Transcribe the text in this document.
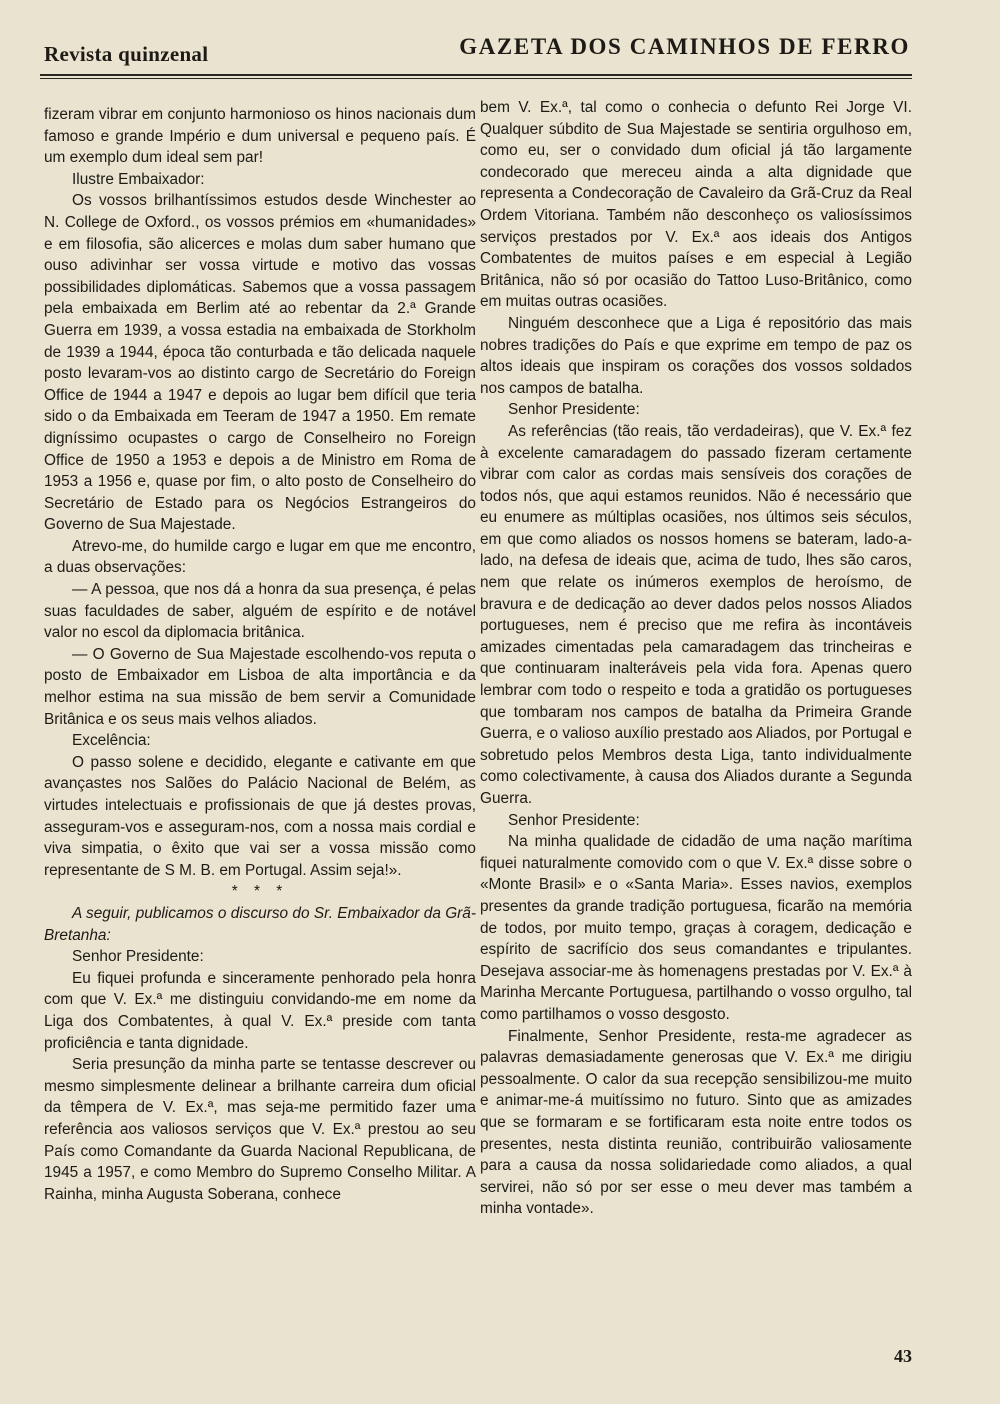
Revista quinzenal	GAZETA DOS CAMINHOS DE FERRO

fizeram vibrar em conjunto harmonioso os hinos nacionais dum famoso e grande Império e dum universal e pequeno país. É um exemplo dum ideal sem par!

Ilustre Embaixador:

Os vossos brilhantíssimos estudos desde Winchester ao N. College de Oxford., os vossos prémios em «humanidades» e em filosofia, são alicerces e molas dum saber humano que ouso adivinhar ser vossa virtude e motivo das vossas possibilidades diplomáticas. Sabemos que a vossa passagem pela embaixada em Berlim até ao rebentar da 2.ª Grande Guerra em 1939, a vossa estadia na embaixada de Storkholm de 1939 a 1944, época tão conturbada e tão delicada naquele posto levaram-vos ao distinto cargo de Secretário do Foreign Office de 1944 a 1947 e depois ao lugar bem difícil que teria sido o da Embaixada em Teeram de 1947 a 1950. Em remate digníssimo ocupastes o cargo de Conselheiro no Foreign Office de 1950 a 1953 e depois a de Ministro em Roma de 1953 a 1956 e, quase por fim, o alto posto de Conselheiro do Secretário de Estado para os Negócios Estrangeiros do Governo de Sua Majestade.

Atrevo-me, do humilde cargo e lugar em que me encontro, a duas observações:

— A pessoa, que nos dá a honra da sua presença, é pelas suas faculdades de saber, alguém de espírito e de notável valor no escol da diplomacia britânica.

— O Governo de Sua Majestade escolhendo-vos reputa o posto de Embaixador em Lisboa de alta importância e da melhor estima na sua missão de bem servir a Comunidade Britânica e os seus mais velhos aliados.

Excelência:

O passo solene e decidido, elegante e cativante em que avançastes nos Salões do Palácio Nacional de Belém, as virtudes intelectuais e profissionais de que já destes provas, asseguram-vos e asseguram-nos, com a nossa mais cordial e viva simpatia, o êxito que vai ser a vossa missão como representante de S M. B. em Portugal. Assim seja!».

* * *

A seguir, publicamos o discurso do Sr. Embaixador da Grã-Bretanha:

Senhor Presidente:

Eu fiquei profunda e sinceramente penhorado pela honra com que V. Ex.ª me distinguiu convidando-me em nome da Liga dos Combatentes, à qual V. Ex.ª preside com tanta proficiência e tanta dignidade.

Seria presunção da minha parte se tentasse descrever ou mesmo simplesmente delinear a brilhante carreira dum oficial da têmpera de V. Ex.ª, mas seja-me permitido fazer uma referência aos valiosos serviços que V. Ex.ª prestou ao seu País como Comandante da Guarda Nacional Republicana, de 1945 a 1957, e como Membro do Supremo Conselho Militar. A Rainha, minha Augusta Soberana, conhece

bem V. Ex.ª, tal como o conhecia o defunto Rei Jorge VI. Qualquer súbdito de Sua Majestade se sentiria orgulhoso em, como eu, ser o convidado dum oficial já tão largamente condecorado que mereceu ainda a alta dignidade que representa a Condecoração de Cavaleiro da Grã-Cruz da Real Ordem Vitoriana. Também não desconheço os valiosíssimos serviços prestados por V. Ex.ª aos ideais dos Antigos Combatentes de muitos países e em especial à Legião Britânica, não só por ocasião do Tattoo Luso-Britânico, como em muitas outras ocasiões.

Ninguém desconhece que a Liga é repositório das mais nobres tradições do País e que exprime em tempo de paz os altos ideais que inspiram os corações dos vossos soldados nos campos de batalha.

Senhor Presidente:

As referências (tão reais, tão verdadeiras), que V. Ex.ª fez à excelente camaradagem do passado fizeram certamente vibrar com calor as cordas mais sensíveis dos corações de todos nós, que aqui estamos reunidos. Não é necessário que eu enumere as múltiplas ocasiões, nos últimos seis séculos, em que como aliados os nossos homens se bateram, lado-a-lado, na defesa de ideais que, acima de tudo, lhes são caros, nem que relate os inúmeros exemplos de heroísmo, de bravura e de dedicação ao dever dados pelos nossos Aliados portugueses, nem é preciso que me refira às incontáveis amizades cimentadas pela camaradagem das trincheiras e que continuaram inalteráveis pela vida fora. Apenas quero lembrar com todo o respeito e toda a gratidão os portugueses que tombaram nos campos de batalha da Primeira Grande Guerra, e o valioso auxílio prestado aos Aliados, por Portugal e sobretudo pelos Membros desta Liga, tanto individualmente como colectivamente, à causa dos Aliados durante a Segunda Guerra.

Senhor Presidente:

Na minha qualidade de cidadão de uma nação marítima fiquei naturalmente comovido com o que V. Ex.ª disse sobre o «Monte Brasil» e o «Santa Maria». Esses navios, exemplos presentes da grande tradição portuguesa, ficarão na memória de todos, por muito tempo, graças à coragem, dedicação e espírito de sacrifício dos seus comandantes e tripulantes. Desejava associar-me às homenagens prestadas por V. Ex.ª à Marinha Mercante Portuguesa, partilhando o vosso orgulho, tal como partilhamos o vosso desgosto.

Finalmente, Senhor Presidente, resta-me agradecer as palavras demasiadamente generosas que V. Ex.ª me dirigiu pessoalmente. O calor da sua recepção sensibilizou-me muito e animar-me-á muitíssimo no futuro. Sinto que as amizades que se formaram e se fortificaram esta noite entre todos os presentes, nesta distinta reunião, contribuirão valiosamente para a causa da nossa solidariedade como aliados, a qual servirei, não só por ser esse o meu dever mas também a minha vontade».

43
